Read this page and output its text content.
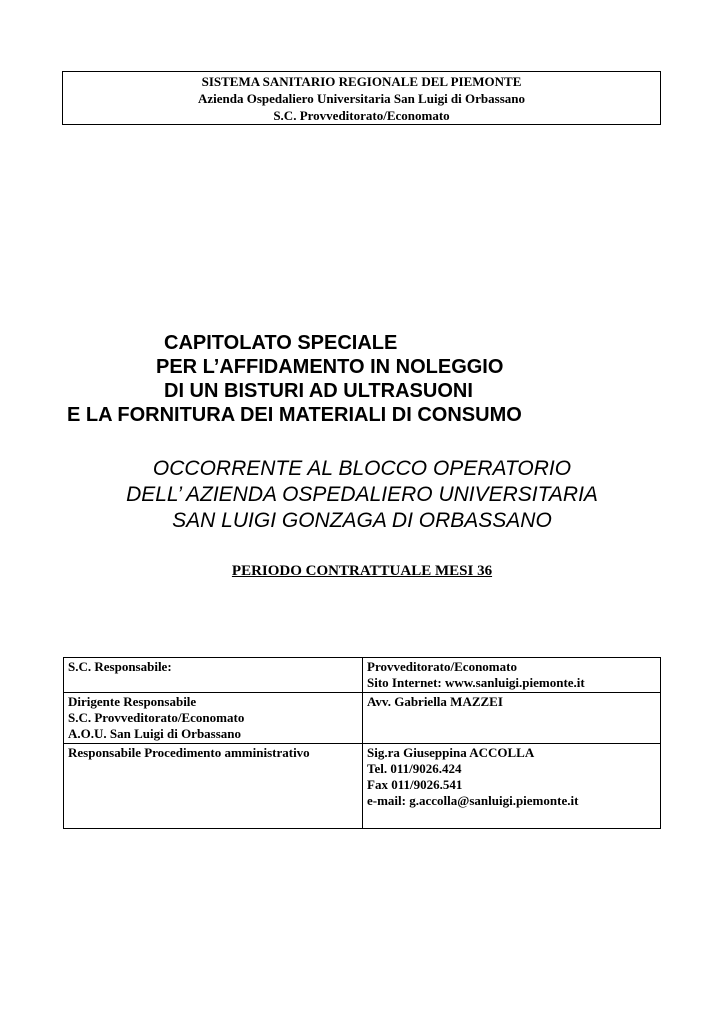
SISTEMA SANITARIO REGIONALE DEL PIEMONTE
Azienda Ospedaliero Universitaria San Luigi di Orbassano
S.C. Provveditorato/Economato
CAPITOLATO SPECIALE
PER L’AFFIDAMENTO IN NOLEGGIO
DI UN BISTURI AD ULTRASUONI
E LA FORNITURA DEI MATERIALI DI CONSUMO
OCCORRENTE AL BLOCCO OPERATORIO
DELL’ AZIENDA OSPEDALIERO UNIVERSITARIA
SAN LUIGI GONZAGA DI ORBASSANO
PERIODO CONTRATTUALE MESI 36
S.C. Responsabile:	Provveditorato/Economato
Sito Internet: www.sanluigi.piemonte.it

Dirigente Responsabile
S.C. Provveditorato/Economato
A.O.U. San Luigi di Orbassano	Avv. Gabriella MAZZEI

Responsabile Procedimento amministrativo	Sig.ra Giuseppina ACCOLLA
Tel. 011/9026.424
Fax 011/9026.541
e-mail: g.accolla@sanluigi.piemonte.it
